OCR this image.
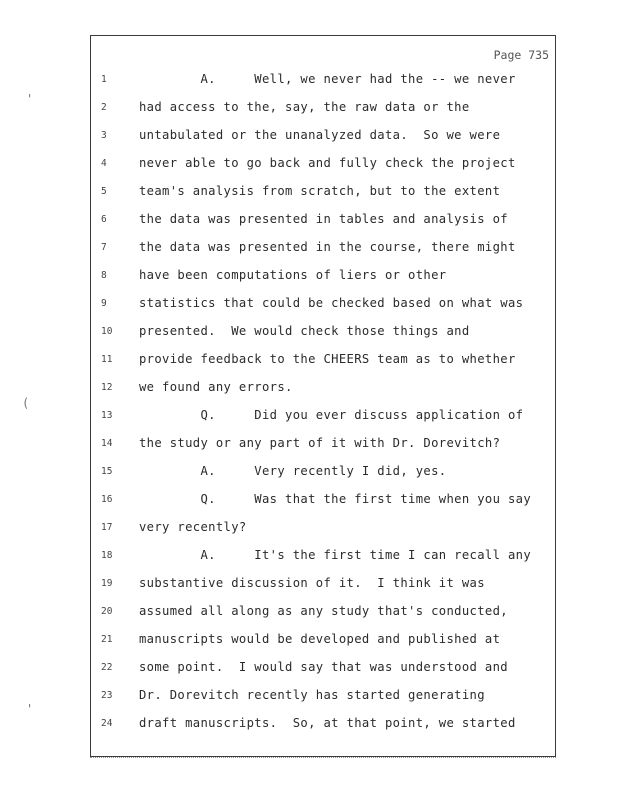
Page 735
1	A.     Well, we never had the -- we never
2	had access to the, say, the raw data or the
3	untabulated or the unanalyzed data.  So we were
4	never able to go back and fully check the project
5	team's analysis from scratch, but to the extent
6	the data was presented in tables and analysis of
7	the data was presented in the course, there might
8	have been computations of liers or other
9	statistics that could be checked based on what was
10	presented.  We would check those things and
11	provide feedback to the CHEERS team as to whether
12	we found any errors.
13	Q.     Did you ever discuss application of
14	the study or any part of it with Dr. Dorevitch?
15	A.     Very recently I did, yes.
16	Q.     Was that the first time when you say
17	very recently?
18	A.     It's the first time I can recall any
19	substantive discussion of it.  I think it was
20	assumed all along as any study that's conducted,
21	manuscripts would be developed and published at
22	some point.  I would say that was understood and
23	Dr. Dorevitch recently has started generating
24	draft manuscripts.  So, at that point, we started
'
(
'
